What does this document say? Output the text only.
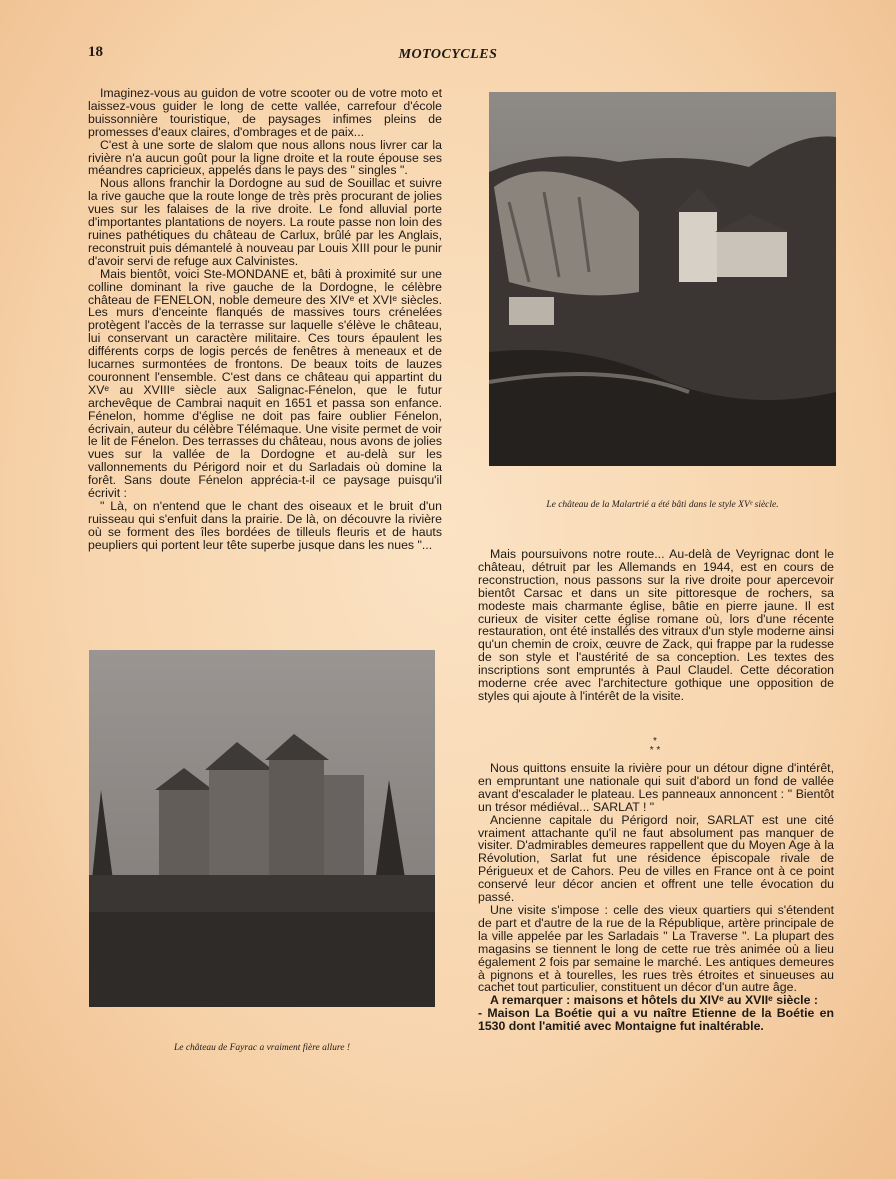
18	MOTOCYCLES

Imaginez-vous au guidon de votre scooter ou de votre moto et laissez-vous guider le long de cette vallée, carrefour d'école buissonnière touristique, de paysages infimes pleins de promesses d'eaux claires, d'ombrages et de paix...

C'est à une sorte de slalom que nous allons nous livrer car la rivière n'a aucun goût pour la ligne droite et la route épouse ses méandres capricieux, appelés dans le pays des " singles ".

Nous allons franchir la Dordogne au sud de Souillac et suivre la rive gauche que la route longe de très près procurant de jolies vues sur les falaises de la rive droite. Le fond alluvial porte d'importantes plantations de noyers. La route passe non loin des ruines pathétiques du château de Carlux, brûlé par les Anglais, reconstruit puis démantelé à nouveau par Louis XIII pour le punir d'avoir servi de refuge aux Calvinistes.

Mais bientôt, voici Ste-MONDANE et, bâti à proximité sur une colline dominant la rive gauche de la Dordogne, le célèbre château de FENELON, noble demeure des XIVᵉ et XVIᵉ siècles. Les murs d'enceinte flanqués de massives tours crénelées protègent l'accès de la terrasse sur laquelle s'élève le château, lui conservant un caractère militaire. Ces tours épaulent les différents corps de logis percés de fenêtres à meneaux et de lucarnes surmontées de frontons. De beaux toits de lauzes couronnent l'ensemble. C'est dans ce château qui appartint du XVᵉ au XVIIIᵉ siècle aux Salignac-Fénelon, que le futur archevêque de Cambrai naquit en 1651 et passa son enfance. Fénelon, homme d'église ne doit pas faire oublier Fénelon, écrivain, auteur du célèbre Télémaque. Une visite permet de voir le lit de Fénelon. Des terrasses du château, nous avons de jolies vues sur la vallée de la Dordogne et au-delà sur les vallonnements du Périgord noir et du Sarladais où domine la forêt. Sans doute Fénelon apprécia-t-il ce paysage puisqu'il écrivit :

" Là, on n'entend que le chant des oiseaux et le bruit d'un ruisseau qui s'enfuit dans la prairie. De là, on découvre la rivière où se forment des îles bordées de tilleuls fleuris et de hauts peupliers qui portent leur tête superbe jusque dans les nues "...

Le château de la Malartrié a été bâti dans le style XVᵉ siècle.

Mais poursuivons notre route... Au-delà de Veyrignac dont le château, détruit par les Allemands en 1944, est en cours de reconstruction, nous passons sur la rive droite pour apercevoir bientôt Carsac et dans un site pittoresque de rochers, sa modeste mais charmante église, bâtie en pierre jaune. Il est curieux de visiter cette église romane où, lors d'une récente restauration, ont été installés des vitraux d'un style moderne ainsi qu'un chemin de croix, œuvre de Zack, qui frappe par la rudesse de son style et l'austérité de sa conception. Les textes des inscriptions sont empruntés à Paul Claudel. Cette décoration moderne crée avec l'architecture gothique une opposition de styles qui ajoute à l'intérêt de la visite.

*
* *

Nous quittons ensuite la rivière pour un détour digne d'intérêt, en empruntant une nationale qui suit d'abord un fond de vallée avant d'escalader le plateau. Les panneaux annoncent : " Bientôt un trésor médiéval... SARLAT ! "

Ancienne capitale du Périgord noir, SARLAT est une cité vraiment attachante qu'il ne faut absolument pas manquer de visiter. D'admirables demeures rappellent que du Moyen Age à la Révolution, Sarlat fut une résidence épiscopale rivale de Périgueux et de Cahors. Peu de villes en France ont à ce point conservé leur décor ancien et offrent une telle évocation du passé.

Une visite s'impose : celle des vieux quartiers qui s'étendent de part et d'autre de la rue de la République, artère principale de la ville appelée par les Sarladais " La Traverse ". La plupart des magasins se tiennent le long de cette rue très animée où a lieu également 2 fois par semaine le marché. Les antiques demeures à pignons et à tourelles, les rues très étroites et sinueuses au cachet tout particulier, constituent un décor d'un autre âge.

A remarquer : maisons et hôtels du XIVᵉ au XVIIᵉ siècle :

- Maison La Boétie qui a vu naître Etienne de la Boétie en 1530 dont l'amitié avec Montaigne fut inaltérable.

Le château de Fayrac a vraiment fière allure !
